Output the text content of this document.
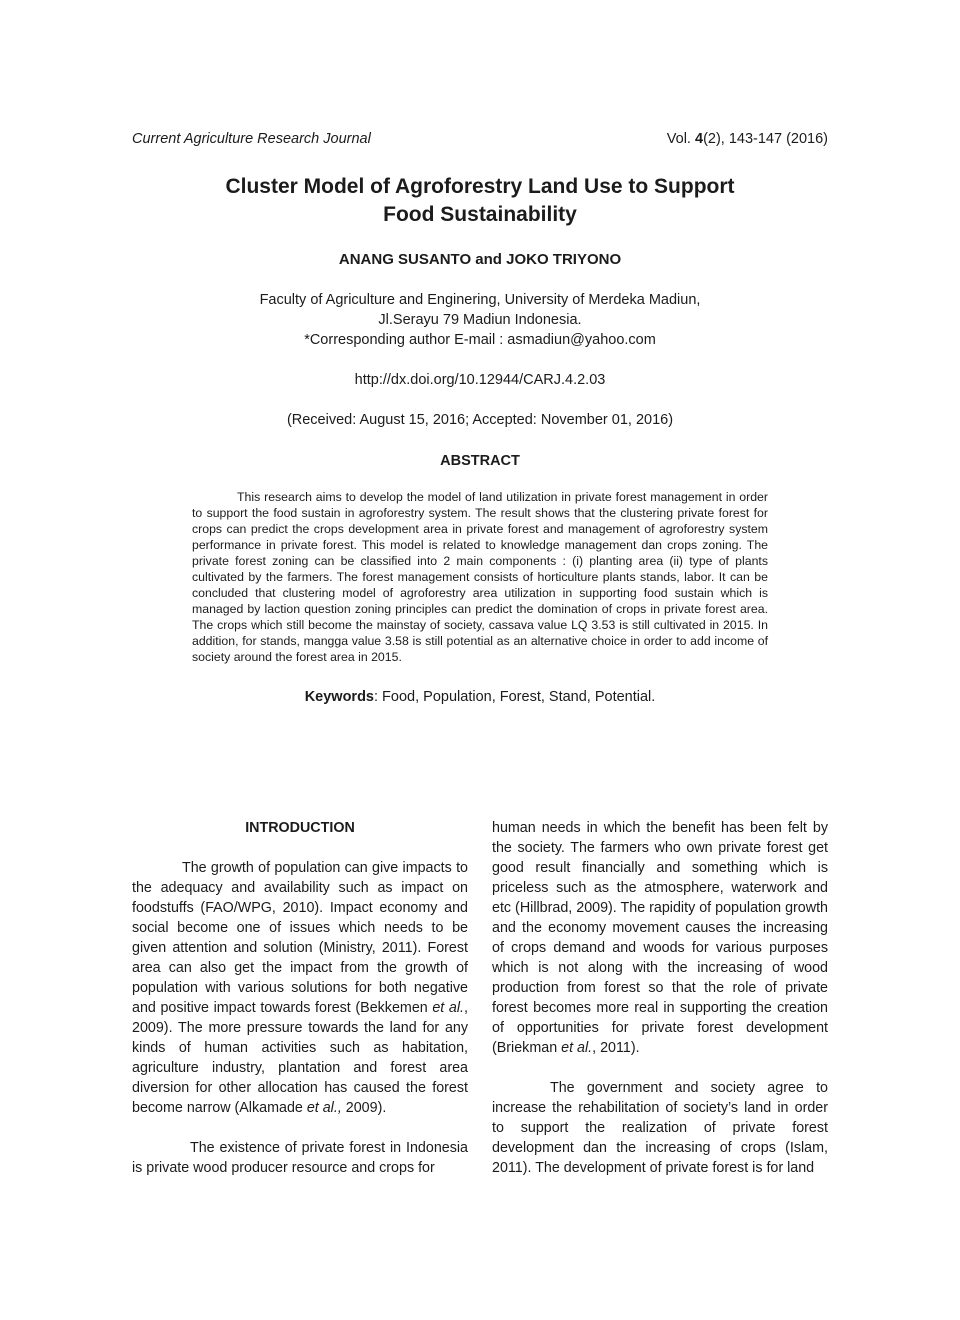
Current Agriculture Research Journal	Vol. 4(2), 143-147 (2016)
Cluster Model of Agroforestry Land Use to Support
Food Sustainability
ANANG SUSANTO and JOKO TRIYONO
Faculty of Agriculture and Enginering, University of Merdeka Madiun,
Jl.Serayu 79 Madiun Indonesia.
*Corresponding author E-mail : asmadiun@yahoo.com
http://dx.doi.org/10.12944/CARJ.4.2.03
(Received: August 15, 2016; Accepted: November 01, 2016)
ABSTRACT

This research aims to develop the model of land utilization in private forest management in order to support the food sustain in agroforestry system. The result shows that the clustering private forest for crops can predict the crops development area in private forest and management of agroforestry system performance in private forest. This model is related to knowledge management dan crops zoning. The private forest zoning can be classified into 2 main components : (i) planting area (ii) type of plants cultivated by the farmers. The forest management consists of horticulture plants stands, labor. It can be concluded that clustering model of agroforestry area utilization in supporting food sustain which is managed by laction question zoning principles can predict the domination of crops in private forest area. The crops which still become the mainstay of society, cassava value LQ 3.53 is still cultivated in 2015. In addition, for stands, mangga value 3.58 is still potential as an alternative choice in order to add income of society around the forest area in 2015.

Keywords: Food, Population, Forest, Stand, Potential.
INTRODUCTION

The growth of population can give impacts to the adequacy and availability such as impact on foodstuffs (FAO/WPG, 2010). Impact economy and social become one of issues which needs to be given attention and solution (Ministry, 2011). Forest area can also get the impact from the growth of population with various solutions for both negative and positive impact towards forest (Bekkemen et al., 2009). The more pressure towards the land for any kinds of human activities such as habitation, agriculture industry, plantation and forest area diversion for other allocation has caused the forest become narrow (Alkamade et al., 2009).

The existence of private forest in Indonesia is private wood producer resource and crops for

human needs in which the benefit has been felt by the society. The farmers who own private forest get good result financially and something which is priceless such as the atmosphere, waterwork and etc (Hillbrad, 2009). The rapidity of population growth and the economy movement causes the increasing of crops demand and woods for various purposes which is not along with the increasing of wood production from forest so that the role of private forest becomes more real in supporting the creation of opportunities for private forest development (Briekman et al., 2011).

The government and society agree to increase the rehabilitation of society’s land in order to support the realization of private forest development dan the increasing of crops (Islam, 2011). The development of private forest is for land
